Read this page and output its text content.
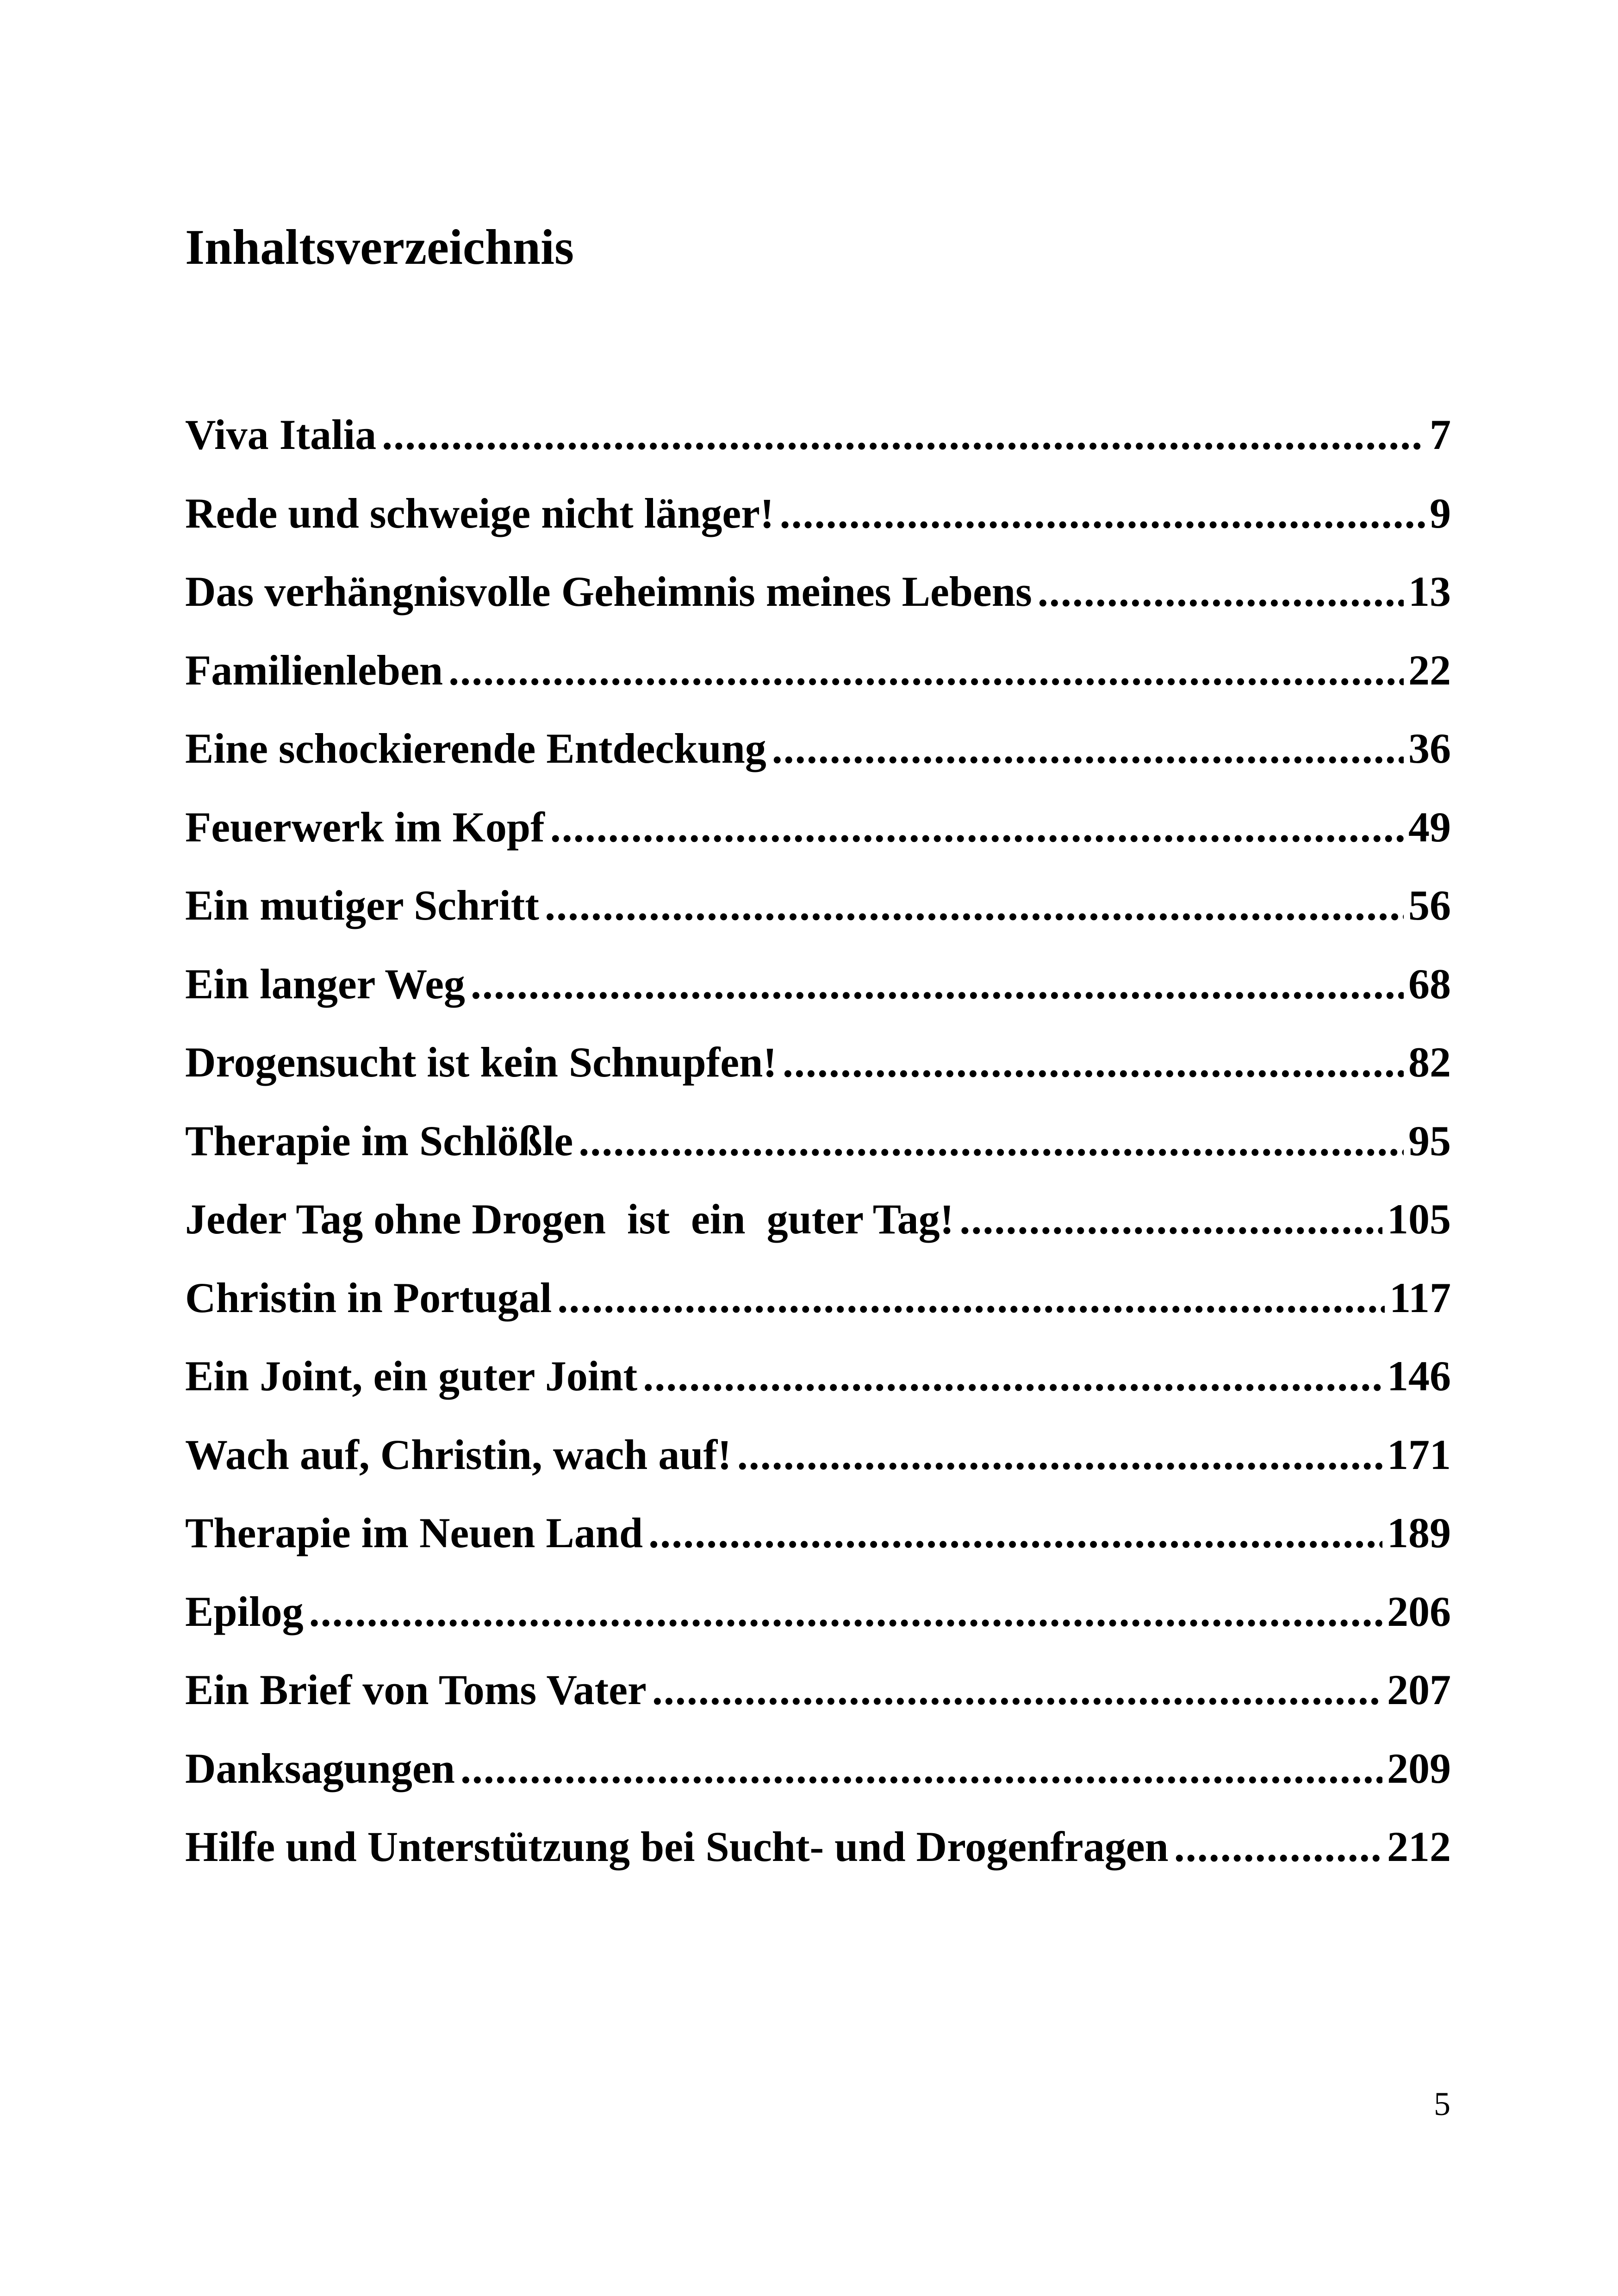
Inhaltsverzeichnis
Viva Italia .....	7
Rede und schweige nicht länger! .....	9
Das verhängnisvolle Geheimnis meines Lebens .....	13
Familienleben .....	22
Eine schockierende Entdeckung .....	36
Feuerwerk im Kopf .....	49
Ein mutiger Schritt .....	56
Ein langer Weg .....	68
Drogensucht ist kein Schnupfen! .....	82
Therapie im Schlößle .....	95
Jeder Tag ohne Drogen  ist  ein  guter Tag! .....	105
Christin in Portugal .....	117
Ein Joint, ein guter Joint .....	146
Wach auf, Christin, wach auf! .....	171
Therapie im Neuen Land .....	189
Epilog .....	206
Ein Brief von Toms Vater .....	207
Danksagungen .....	209
Hilfe und Unterstützung bei Sucht- und Drogenfragen .....	212
5
